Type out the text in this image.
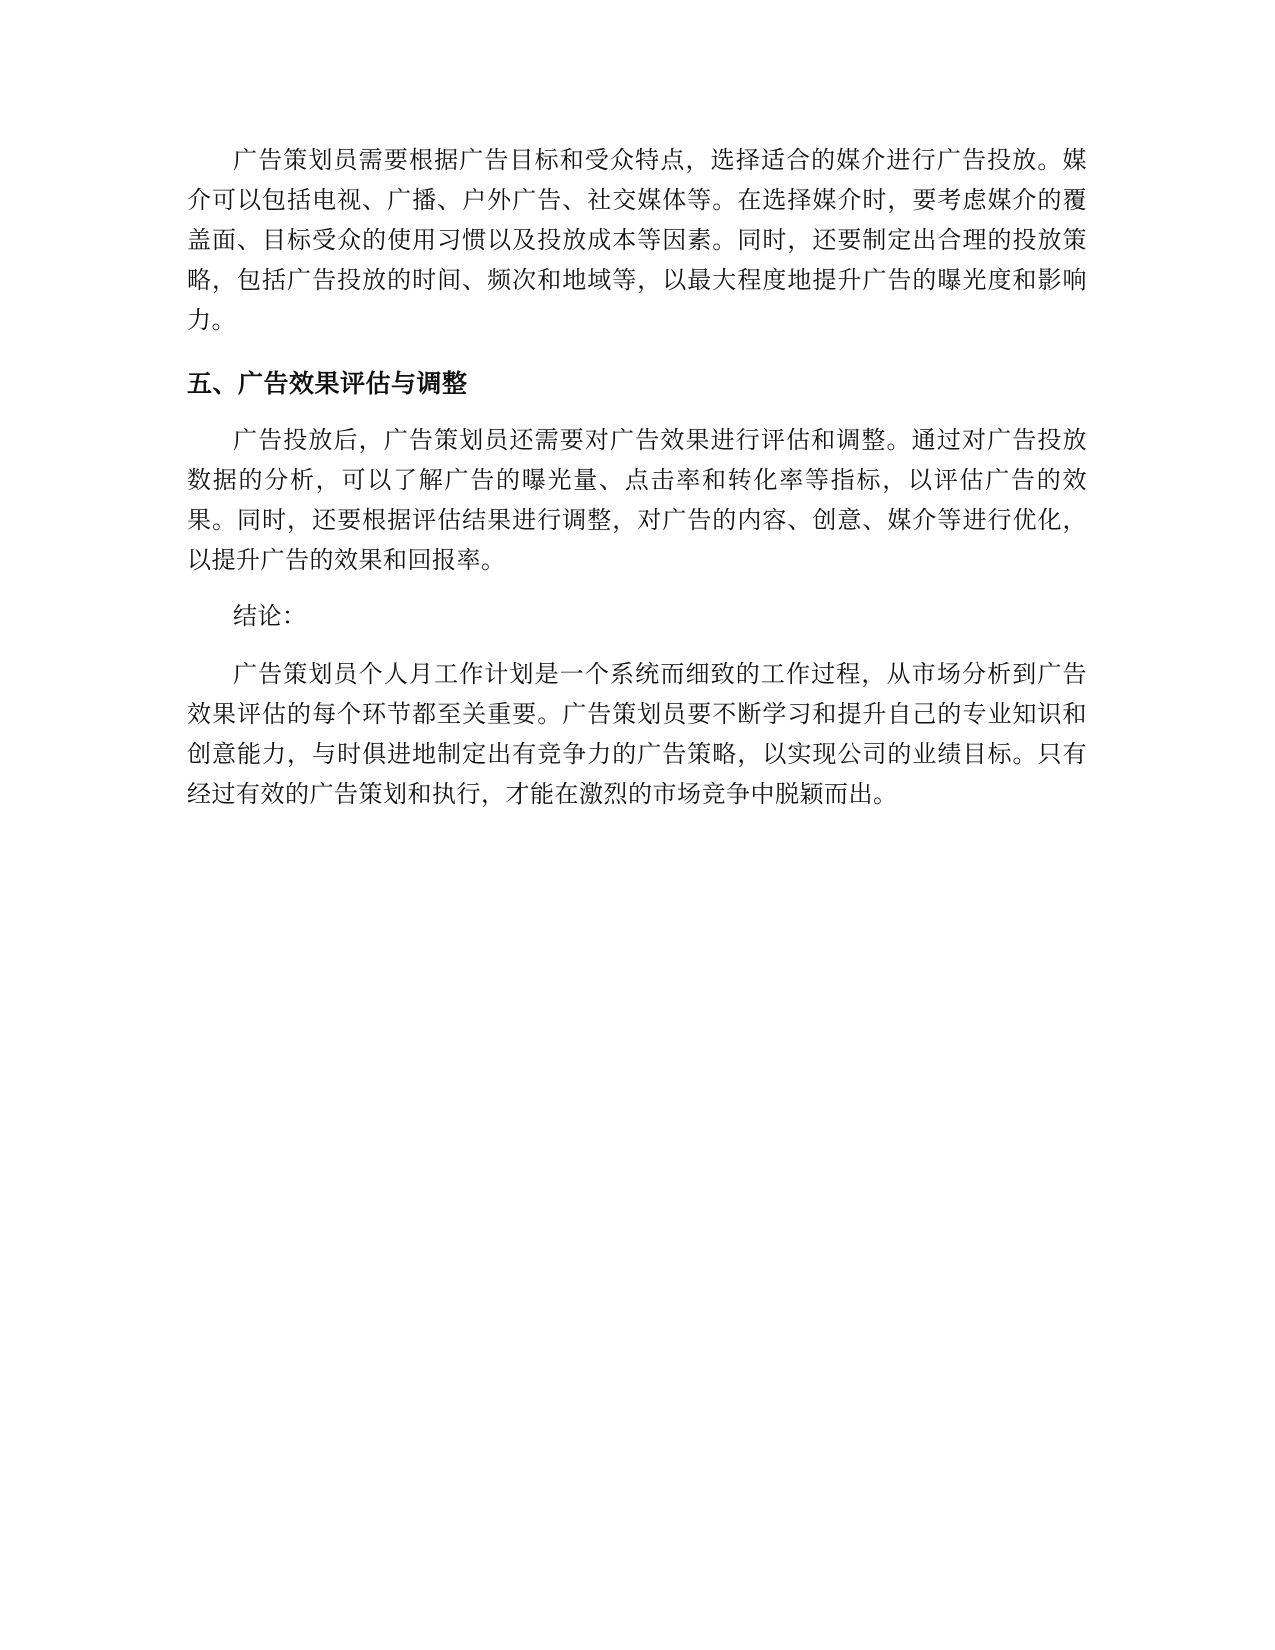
广告策划员需要根据广告目标和受众特点，选择适合的媒介进行广告投放。媒介可以包括电视、广播、户外广告、社交媒体等。在选择媒介时，要考虑媒介的覆盖面、目标受众的使用习惯以及投放成本等因素。同时，还要制定出合理的投放策略，包括广告投放的时间、频次和地域等，以最大程度地提升广告的曝光度和影响力。

五、广告效果评估与调整

广告投放后，广告策划员还需要对广告效果进行评估和调整。通过对广告投放数据的分析，可以了解广告的曝光量、点击率和转化率等指标，以评估广告的效果。同时，还要根据评估结果进行调整，对广告的内容、创意、媒介等进行优化，以提升广告的效果和回报率。

结论：

广告策划员个人月工作计划是一个系统而细致的工作过程，从市场分析到广告效果评估的每个环节都至关重要。广告策划员要不断学习和提升自己的专业知识和创意能力，与时俱进地制定出有竞争力的广告策略，以实现公司的业绩目标。只有经过有效的广告策划和执行，才能在激烈的市场竞争中脱颖而出。
